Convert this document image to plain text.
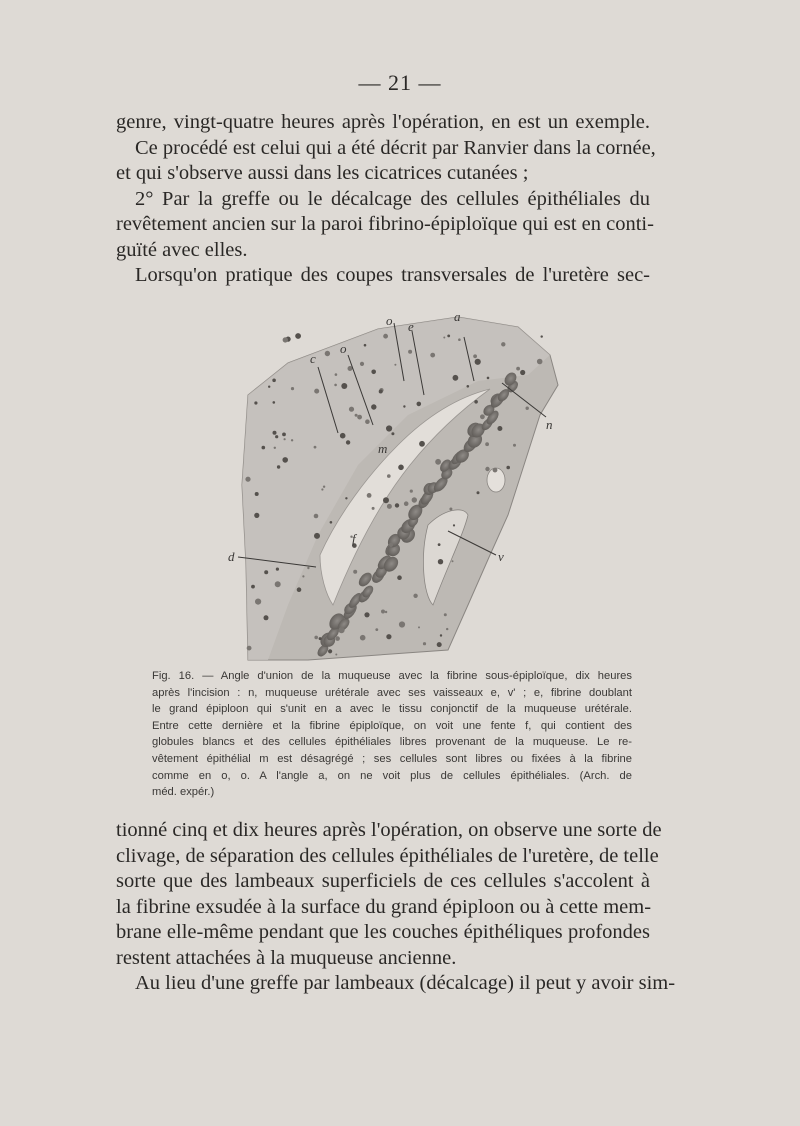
— 21 —
genre, vingt-quatre heures après l'opération, en est un exemple.
Ce procédé est celui qui a été décrit par Ranvier dans la cornée,
et qui s'observe aussi dans les cicatrices cutanées ;
2° Par la greffe ou le décalcage des cellules épithéliales du
revêtement ancien sur la paroi fibrino-épiploïque qui est en conti-
guïté avec elles.
Lorsqu'on pratique des coupes transversales de l'uretère sec-
o	a
c
o
e
n
m
f
d	v
Fig. 16. — Angle d'union de la muqueuse avec la fibrine sous-épiploïque, dix heures
après l'incision : n, muqueuse urétérale avec ses vaisseaux e, v' ; e, fibrine doublant
le grand épiploon qui s'unit en a avec le tissu conjonctif de la muqueuse urétérale.
Entre cette dernière et la fibrine épiploïque, on voit une fente f, qui contient des
globules blancs et des cellules épithéliales libres provenant de la muqueuse. Le re-
vêtement épithélial m est désagrégé ; ses cellules sont libres ou fixées à la fibrine
comme en o, o. A l'angle a, on ne voit plus de cellules épithéliales. (Arch. de
méd. expér.)
tionné cinq et dix heures après l'opération, on observe une sorte de
clivage, de séparation des cellules épithéliales de l'uretère, de telle
sorte que des lambeaux superficiels de ces cellules s'accolent à
la fibrine exsudée à la surface du grand épiploon ou à cette mem-
brane elle-même pendant que les couches épithéliques profondes
restent attachées à la muqueuse ancienne.
Au lieu d'une greffe par lambeaux (décalcage) il peut y avoir sim-
